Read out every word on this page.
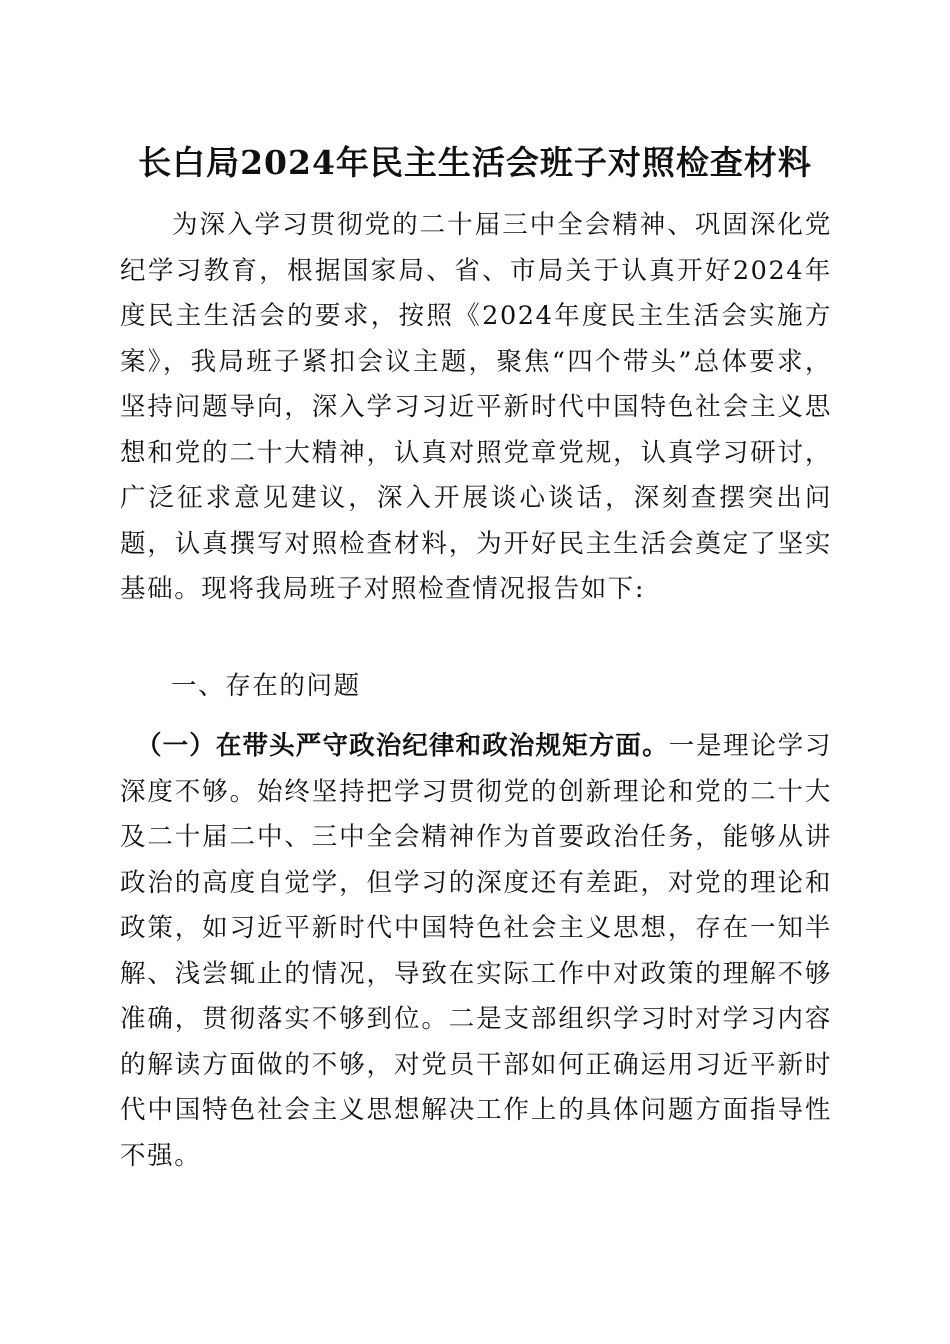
长白局2024年民主生活会班子对照检查材料

为深入学习贯彻党的二十届三中全会精神、巩固深化党纪学习教育，根据国家局、省、市局关于认真开好2024年度民主生活会的要求，按照《2024年度民主生活会实施方案》，我局班子紧扣会议主题，聚焦“四个带头”总体要求，坚持问题导向，深入学习习近平新时代中国特色社会主义思想和党的二十大精神，认真对照党章党规，认真学习研讨，广泛征求意见建议，深入开展谈心谈话，深刻查摆突出问题，认真撰写对照检查材料，为开好民主生活会奠定了坚实基础。现将我局班子对照检查情况报告如下:

一、存在的问题

（一）在带头严守政治纪律和政治规矩方面。一是理论学习深度不够。始终坚持把学习贯彻党的创新理论和党的二十大及二十届二中、三中全会精神作为首要政治任务，能够从讲政治的高度自觉学，但学习的深度还有差距，对党的理论和政策，如习近平新时代中国特色社会主义思想，存在一知半解、浅尝辄止的情况，导致在实际工作中对政策的理解不够准确，贯彻落实不够到位。二是支部组织学习时对学习内容的解读方面做的不够，对党员干部如何正确运用习近平新时代中国特色社会主义思想解决工作上的具体问题方面指导性不强。
